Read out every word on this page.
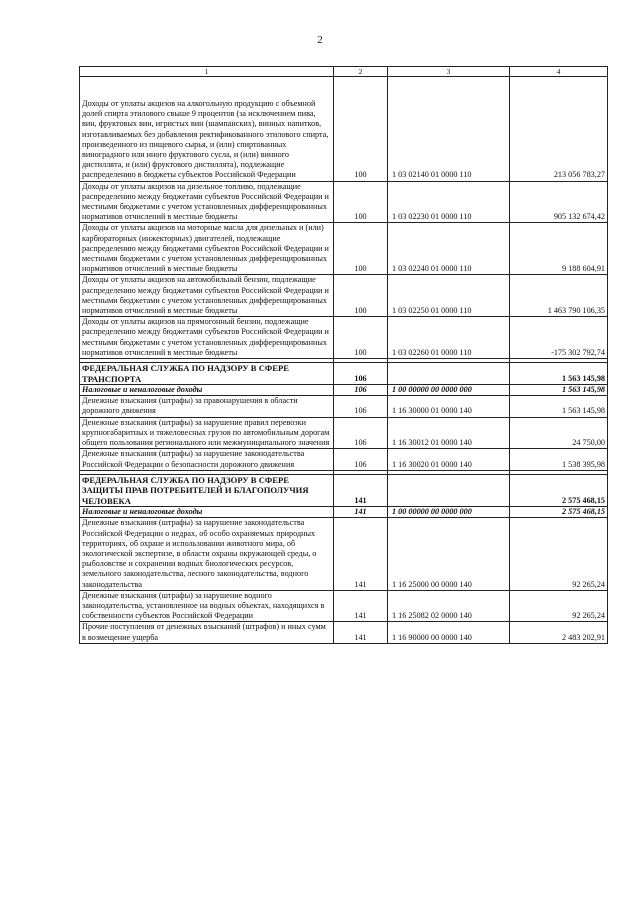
2
1	2	3	4
Доходы от уплаты акцизов на алкогольную продукцию с объемной долей спирта этилового свыше 9 процентов (за исключением пива, вин, фруктовых вин, игристых вин (шампанских), винных напитков, изготавливаемых без добавления ректификованного этилового спирта, произведенного из пищевого сырья, и (или) спиртованных виноградного или иного фруктового сусла, и (или) винного дистиллята, и (или) фруктового дистиллята), подлежащие распределению в бюджеты субъектов Российской Федерации	100	1 03 02140 01 0000 110	213 056 783,27
Доходы от уплаты акцизов на дизельное топливо, подлежащие распределению между бюджетами субъектов Российской Федерации и местными бюджетами с учетом установленных дифференцированных нормативов отчислений в местные бюджеты	100	1 03 02230 01 0000 110	905 132 674,42
Доходы от уплаты акцизов на моторные масла для дизельных и (или) карбюраторных (инжекторных) двигателей, подлежащие распределению между бюджетами субъектов Российской Федерации и местными бюджетами с учетом установленных дифференцированных нормативов отчислений в местные бюджеты	100	1 03 02240 01 0000 110	9 188 604,91
Доходы от уплаты акцизов на автомобильный бензин, подлежащие распределению между бюджетами субъектов Российской Федерации и местными бюджетами с учетом установленных дифференцированных нормативов отчислений в местные бюджеты	100	1 03 02250 01 0000 110	1 463 790 106,35
Доходы от уплаты акцизов на прямогонный бензин, подлежащие распределению между бюджетами субъектов Российской Федерации и местными бюджетами с учетом установленных дифференцированных нормативов отчислений в местные бюджеты	100	1 03 02260 01 0000 110	-175 302 792,74

ФЕДЕРАЛЬНАЯ СЛУЖБА ПО НАДЗОРУ В СФЕРЕ ТРАНСПОРТА	106		1 563 145,98
Налоговые и неналоговые доходы	106	1 00 00000 00 0000 000	1 563 145,98
Денежные взыскания (штрафы) за правонарушения в области дорожного движения	106	1 16 30000 01 0000 140	1 563 145,98
Денежные взыскания (штрафы) за нарушение правил перевозки крупногабаритных и тяжеловесных грузов по автомобильным дорогам общего пользования регионального или межмуниципального значения	106	1 16 30012 01 0000 140	24 750,00
Денежные взыскания (штрафы) за нарушение законодательства Российской Федерации о безопасности дорожного движения	106	1 16 30020 01 0000 140	1 538 395,98

ФЕДЕРАЛЬНАЯ СЛУЖБА ПО НАДЗОРУ В СФЕРЕ ЗАЩИТЫ ПРАВ ПОТРЕБИТЕЛЕЙ И БЛАГОПОЛУЧИЯ ЧЕЛОВЕКА	141		2 575 468,15
Налоговые и неналоговые доходы	141	1 00 00000 00 0000 000	2 575 468,15
Денежные взыскания (штрафы) за нарушение законодательства Российской Федерации о недрах, об особо охраняемых природных территориях, об охране и использовании животного мира, об экологической экспертизе, в области охраны окружающей среды, о рыболовстве и сохранении водных биологических ресурсов, земельного законодательства, лесного законодательства, водного законодательства	141	1 16 25000 00 0000 140	92 265,24
Денежные взыскания (штрафы) за нарушение водного законодательства, установленное на водных объектах, находящихся в собственности субъектов Российской Федерации	141	1 16 25082 02 0000 140	92 265,24
Прочие поступления от денежных взысканий (штрафов) и иных сумм в возмещение ущерба	141	1 16 90000 00 0000 140	2 483 202,91
